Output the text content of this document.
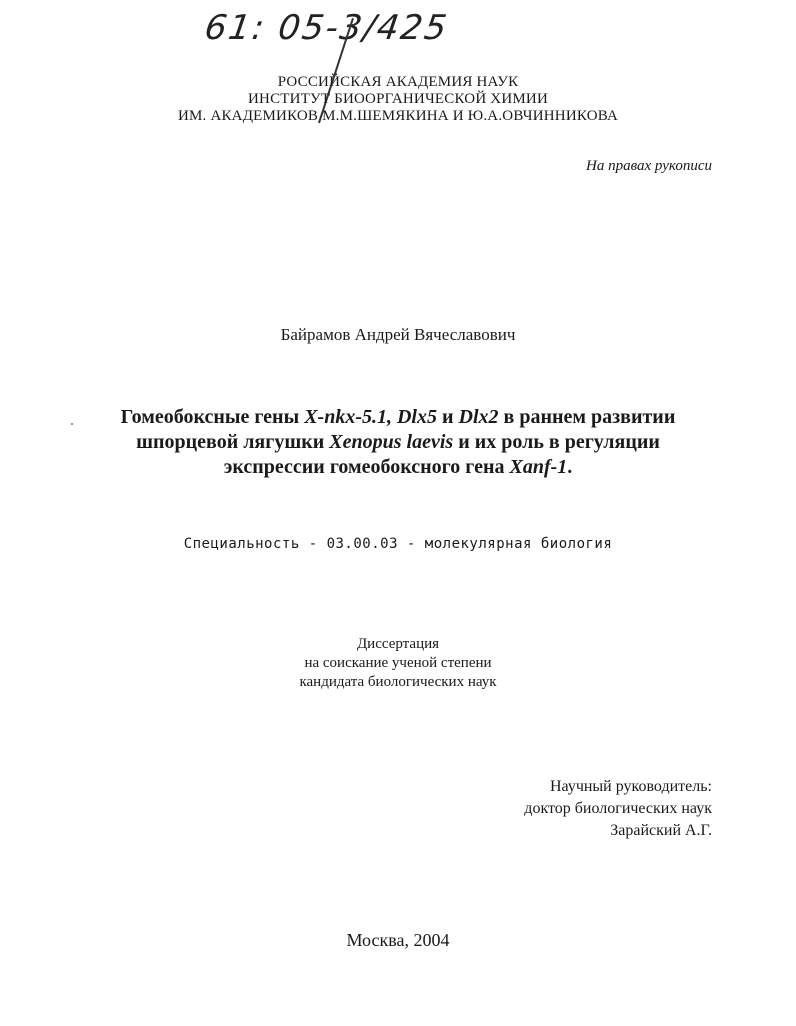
61: 05-3/425
РОССИЙСКАЯ АКАДЕМИЯ НАУК
ИНСТИТУТ БИООРГАНИЧЕСКОЙ ХИМИИ
ИМ. АКАДЕМИКОВ М.М.ШЕМЯКИНА И Ю.А.ОВЧИННИКОВА
На правах рукописи
Байрамов Андрей Вячеславович
Гомеобоксные гены X-nkx-5.1, Dlx5 и Dlx2 в раннем развитии
шпорцевой лягушки Xenopus laevis и их роль в регуляции
экспрессии гомеобоксного гена Xanf-1.
Специальность - 03.00.03 - молекулярная биология
Диссертация
на соискание ученой степени
кандидата биологических наук
Научный руководитель:
доктор биологических наук
Зарайский А.Г.
Москва, 2004
